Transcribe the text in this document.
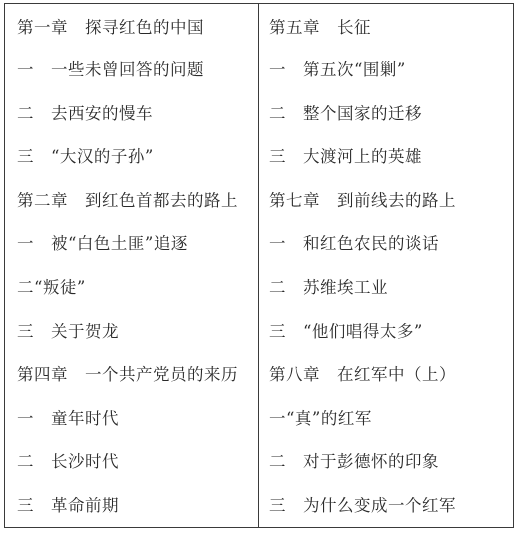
第一章　探寻红色的中国
一　一些未曾回答的问题
二　去西安的慢车
三　“大汉的子孙”
第二章　到红色首都去的路上
一　被“白色土匪”追逐
二“叛徒”
三　关于贺龙
第四章　一个共产党员的来历
一　童年时代
二　长沙时代
三　革命前期
第五章　长征
一　第五次“围剿”
二　整个国家的迁移
三　大渡河上的英雄
第七章　到前线去的路上
一　和红色农民的谈话
二　苏维埃工业
三　“他们唱得太多”
第八章　在红军中（上）
一“真”的红军
二　对于彭德怀的印象
三　为什么变成一个红军
